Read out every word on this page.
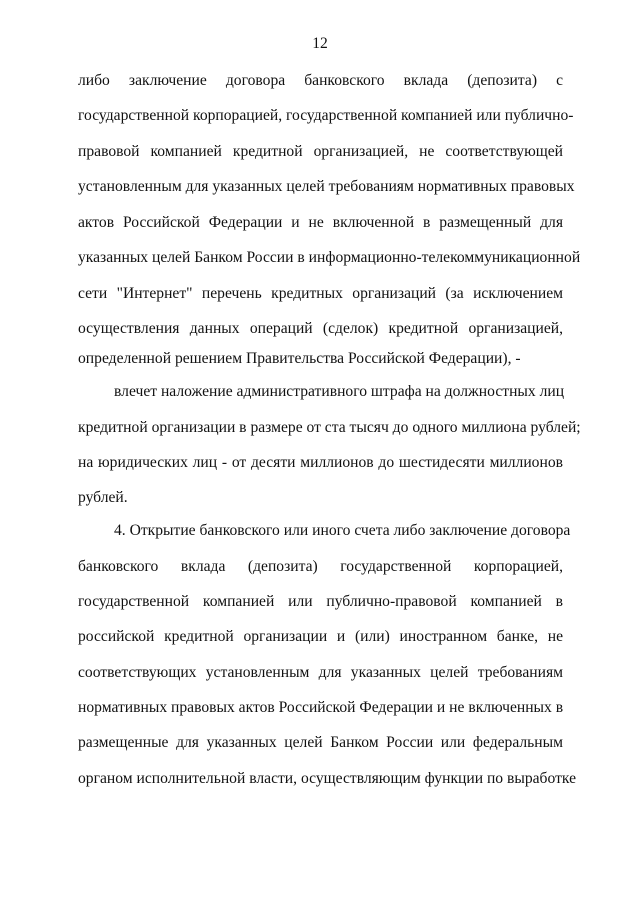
12
либо заключение договора банковского вклада (депозита) с
государственной корпорацией, государственной компанией или публично-
правовой компанией кредитной организацией, не соответствующей
установленным для указанных целей требованиям нормативных правовых
актов Российской Федерации и не включенной в размещенный для
указанных целей Банком России в информационно-телекоммуникационной
сети "Интернет" перечень кредитных организаций (за исключением
осуществления данных операций (сделок) кредитной организацией,
определенной решением Правительства Российской Федерации), -
влечет наложение административного штрафа на должностных лиц
кредитной организации в размере от ста тысяч до одного миллиона рублей;
на юридических лиц - от десяти миллионов до шестидесяти миллионов
рублей.
4. Открытие банковского или иного счета либо заключение договора
банковского вклада (депозита) государственной корпорацией,
государственной компанией или публично-правовой компанией в
российской кредитной организации и (или) иностранном банке, не
соответствующих установленным для указанных целей требованиям
нормативных правовых актов Российской Федерации и не включенных в
размещенные для указанных целей Банком России или федеральным
органом исполнительной власти, осуществляющим функции по выработке
